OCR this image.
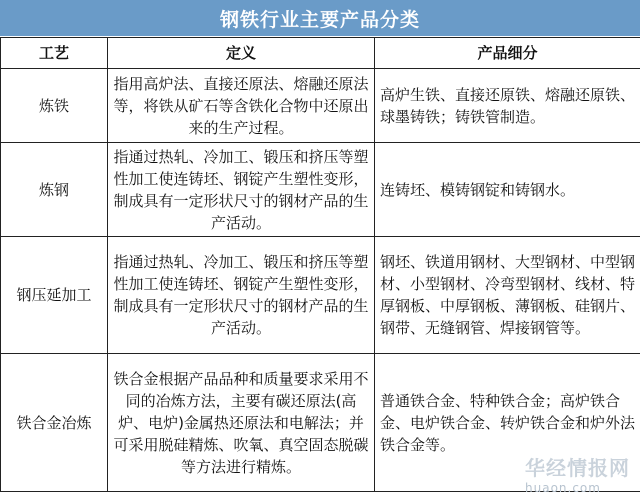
钢铁行业主要产品分类
工艺	定义	产品细分
炼铁	指用高炉法、直接还原法、熔融还原法等，将铁从矿石等含铁化合物中还原出来的生产过程。	高炉生铁、直接还原铁、熔融还原铁、球墨铸铁；铸铁管制造。
炼钢	指通过热轧、冷加工、锻压和挤压等塑性加工使连铸坯、钢锭产生塑性变形，制成具有一定形状尺寸的钢材产品的生产活动。	连铸坯、模铸钢锭和铸钢水。
钢压延加工	指通过热轧、冷加工、锻压和挤压等塑性加工使连铸坯、钢锭产生塑性变形，制成具有一定形状尺寸的钢材产品的生产活动。	钢坯、铁道用钢材、大型钢材、中型钢材、小型钢材、冷弯型钢材、线材、特厚钢板、中厚钢板、薄钢板、硅钢片、钢带、无缝钢管、焊接钢管等。
铁合金冶炼	铁合金根据产品品种和质量要求采用不同的冶炼方法，主要有碳还原法(高炉、电炉)金属热还原法和电解法；并可采用脱硅精炼、吹氧、真空固态脱碳等方法进行精炼。	普通铁合金、特种铁合金；高炉铁合金、电炉铁合金、转炉铁合金和炉外法铁合金等。
华经情报网
huaon.com
